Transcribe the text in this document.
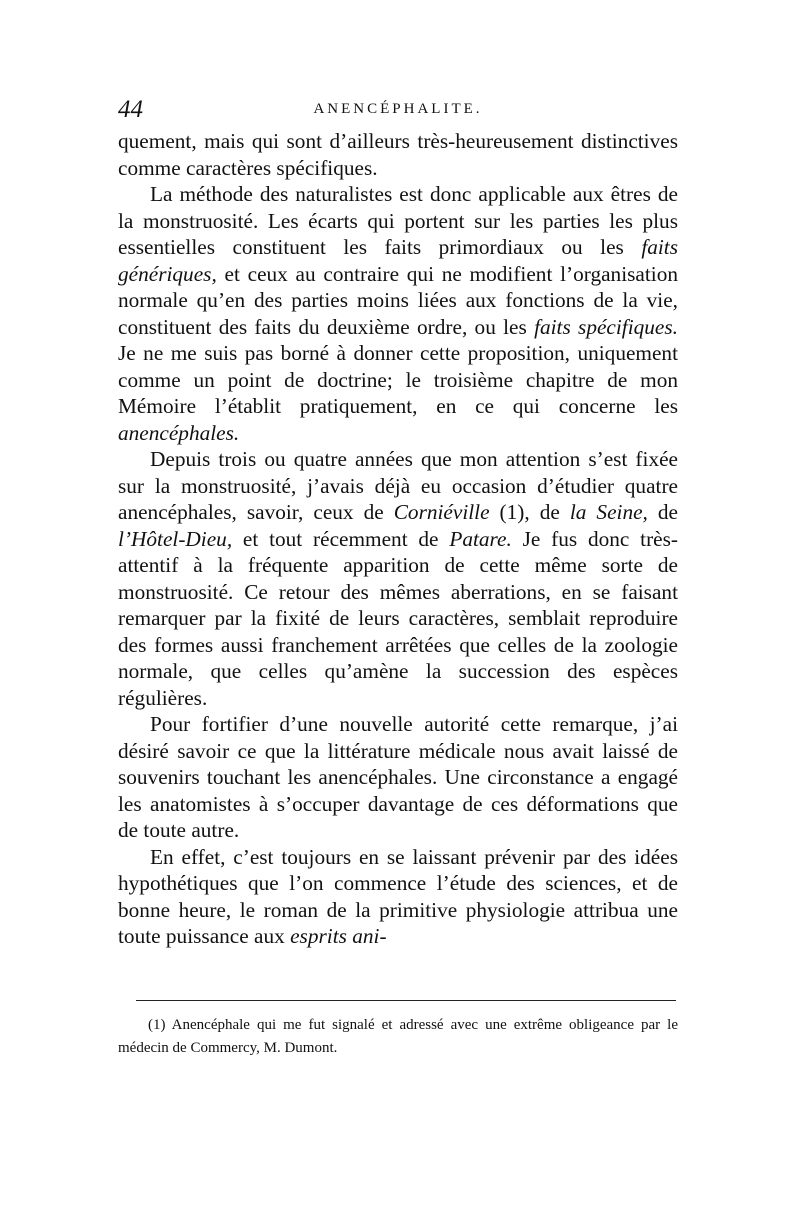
44	ANENCÉPHALITE.

quement, mais qui sont d’ailleurs très-heureusement distinctives comme caractères spécifiques.

La méthode des naturalistes est donc applicable aux êtres de la monstruosité. Les écarts qui portent sur les parties les plus essentielles constituent les faits primordiaux ou les faits génériques, et ceux au contraire qui ne modifient l’organisation normale qu’en des parties moins liées aux fonctions de la vie, constituent des faits du deuxième ordre, ou les faits spécifiques. Je ne me suis pas borné à donner cette proposition, uniquement comme un point de doctrine; le troisième chapitre de mon Mémoire l’établit pratiquement, en ce qui concerne les anencéphales.

Depuis trois ou quatre années que mon attention s’est fixée sur la monstruosité, j’avais déjà eu occasion d’étudier quatre anencéphales, savoir, ceux de Corniéville (1), de la Seine, de l’Hôtel-Dieu, et tout récemment de Patare. Je fus donc très-attentif à la fréquente apparition de cette même sorte de monstruosité. Ce retour des mêmes aberrations, en se faisant remarquer par la fixité de leurs caractères, semblait reproduire des formes aussi franchement arrêtées que celles de la zoologie normale, que celles qu’amène la succession des espèces régulières.

Pour fortifier d’une nouvelle autorité cette remarque, j’ai désiré savoir ce que la littérature médicale nous avait laissé de souvenirs touchant les anencéphales. Une circonstance a engagé les anatomistes à s’occuper davantage de ces déformations que de toute autre.

En effet, c’est toujours en se laissant prévenir par des idées hypothétiques que l’on commence l’étude des sciences, et de bonne heure, le roman de la primitive physiologie attribua une toute puissance aux esprits ani-

(1) Anencéphale qui me fut signalé et adressé avec une extrême obligeance par le médecin de Commercy, M. Dumont.
